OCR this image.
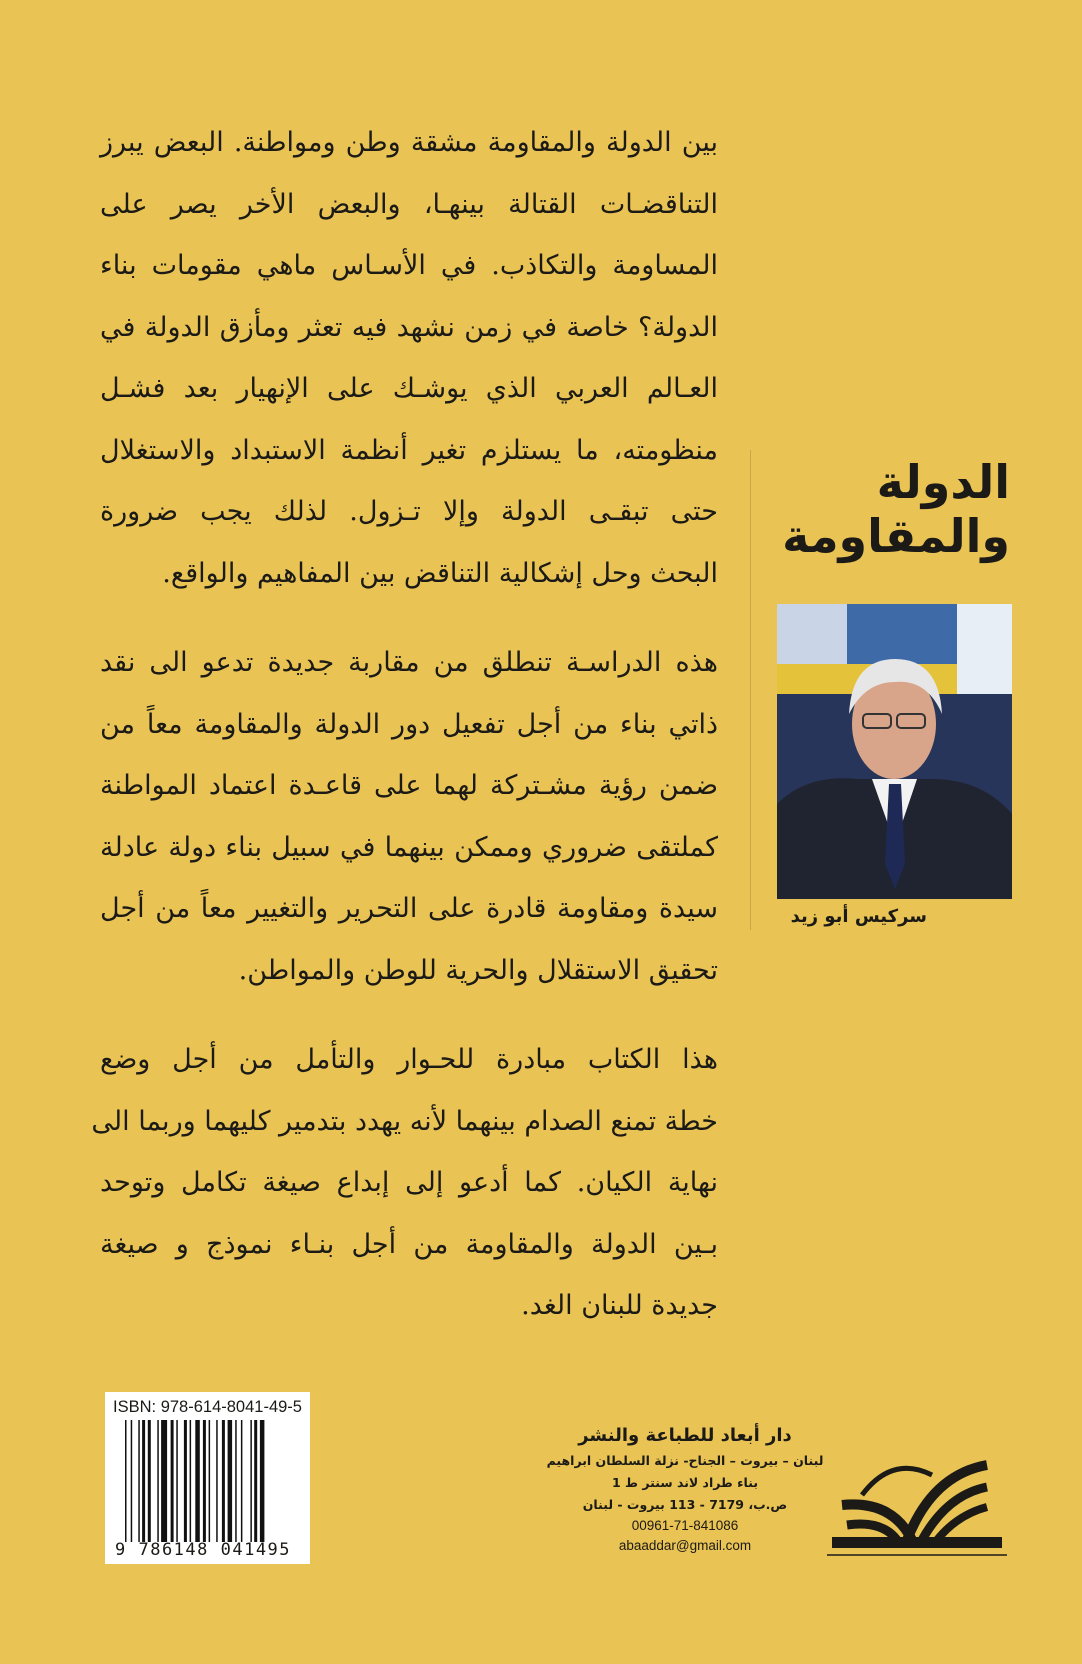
بين الدولة والمقاومة مشقة وطن ومواطنة. البعض يبرز
التناقضـات القتالة بينهـا، والبعض الأخر يصر على
المساومة والتكاذب. في الأسـاس ماهي مقومات بناء
الدولة؟ خاصة في زمن نشهد فيه تعثر ومأزق الدولة في
العـالم العربي الذي يوشـك على الإنهيار بعد فشـل
منظومته، ما يستلزم تغير أنظمة الاستبداد والاستغلال
حتى تبقـى الدولة وإلا تـزول. لذلك يجب ضرورة
البحث وحل إشكالية التناقض بين المفاهيم والواقع.
هذه الدراسـة تنطلق من مقاربة جديدة تدعو الى نقد
ذاتي بناء من أجل تفعيل دور الدولة والمقاومة معاً من
ضمن رؤية مشـتركة لهما على قاعـدة اعتماد المواطنة
كملتقى ضروري وممكن بينهما في سبيل بناء دولة عادلة
سيدة ومقاومة قادرة على التحرير والتغيير معاً من أجل
تحقيق الاستقلال والحرية للوطن والمواطن.
هذا الكتاب مبادرة للحـوار والتأمل من أجل وضع
خطة تمنع الصدام بينهما لأنه يهدد بتدمير كليهما وربما الى
نهاية الكيان. كما أدعو إلى إبداع صيغة تكامل وتوحد
بـين الدولة والمقاومة من أجل بنـاء نموذج و صيغة
جديدة للبنان الغد.
الدولة
والمقاومة
سركيس أبو زيد
ISBN: 978-614-8041-49-5
9 786148 041495
دار أبعاد للطباعة والنشر
لبنان – بيروت – الجناح- نزلة السلطان ابراهيم
بناء طراد لاند سنتر ط 1
ص.ب، 7179 - 113 بيروت - لبنان
00961-71-841086
abaaddar@gmail.com
